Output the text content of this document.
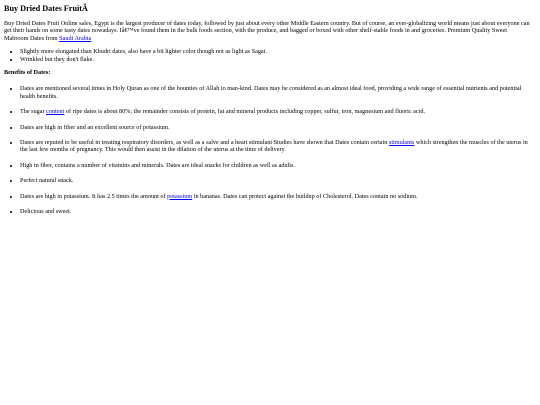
Buy Dried Dates FruitÂ

Buy Dried Dates Fruit Online sales, Egypt is the largest producer of dates today, followed by just about every other Middle Eastern country. But of course, an ever-globalizing world means just about everyone can get their hands on some tasty dates nowadays. Iâ€™ve found them in the bulk foods section, with the produce, and bagged or boxed with other shelf-stable foods in and groceries. Premium Quality Sweet Mabroom Dates from Saudi Arabia

• Slightly more elongated than Khudri dates, also have a bit lighter color though not as light as Sagai.
• Wrinkled but they don't flake.

Benefits of Dates:

• Dates are mentioned several times in Holy Quran as one of the bounties of Allah to man-kind. Dates may be considered as an almost ideal food, providing a wide range of essential nutrients and potential health benefits.
• The sugar content of ripe dates is about 80%; the remainder consists of protein, fat and mineral products including copper, sulfur, iron, magnesium and fluoric acid.
• Dates are high in fiber and an excellent source of potassium.
• Dates are reputed to be useful in treating respiratory disorders, as well as a salve and a heart stimulant Studies have shown that Dates contain certain stimulants which strengthen the muscles of the uterus in the last few months of pregnancy. This would then assist in the dilation of the uterus at the time of delivery.
• High in fiber, contains a number of vitamins and minerals. Dates are ideal snacks for children as well as adults.
• Perfect natural snack.
• Dates are high in potassium. It has 2.5 times the amount of potassium in bananas. Dates can protect against the buildup of Cholesterol. Dates contain no sodium.
• Delicious and sweet.
